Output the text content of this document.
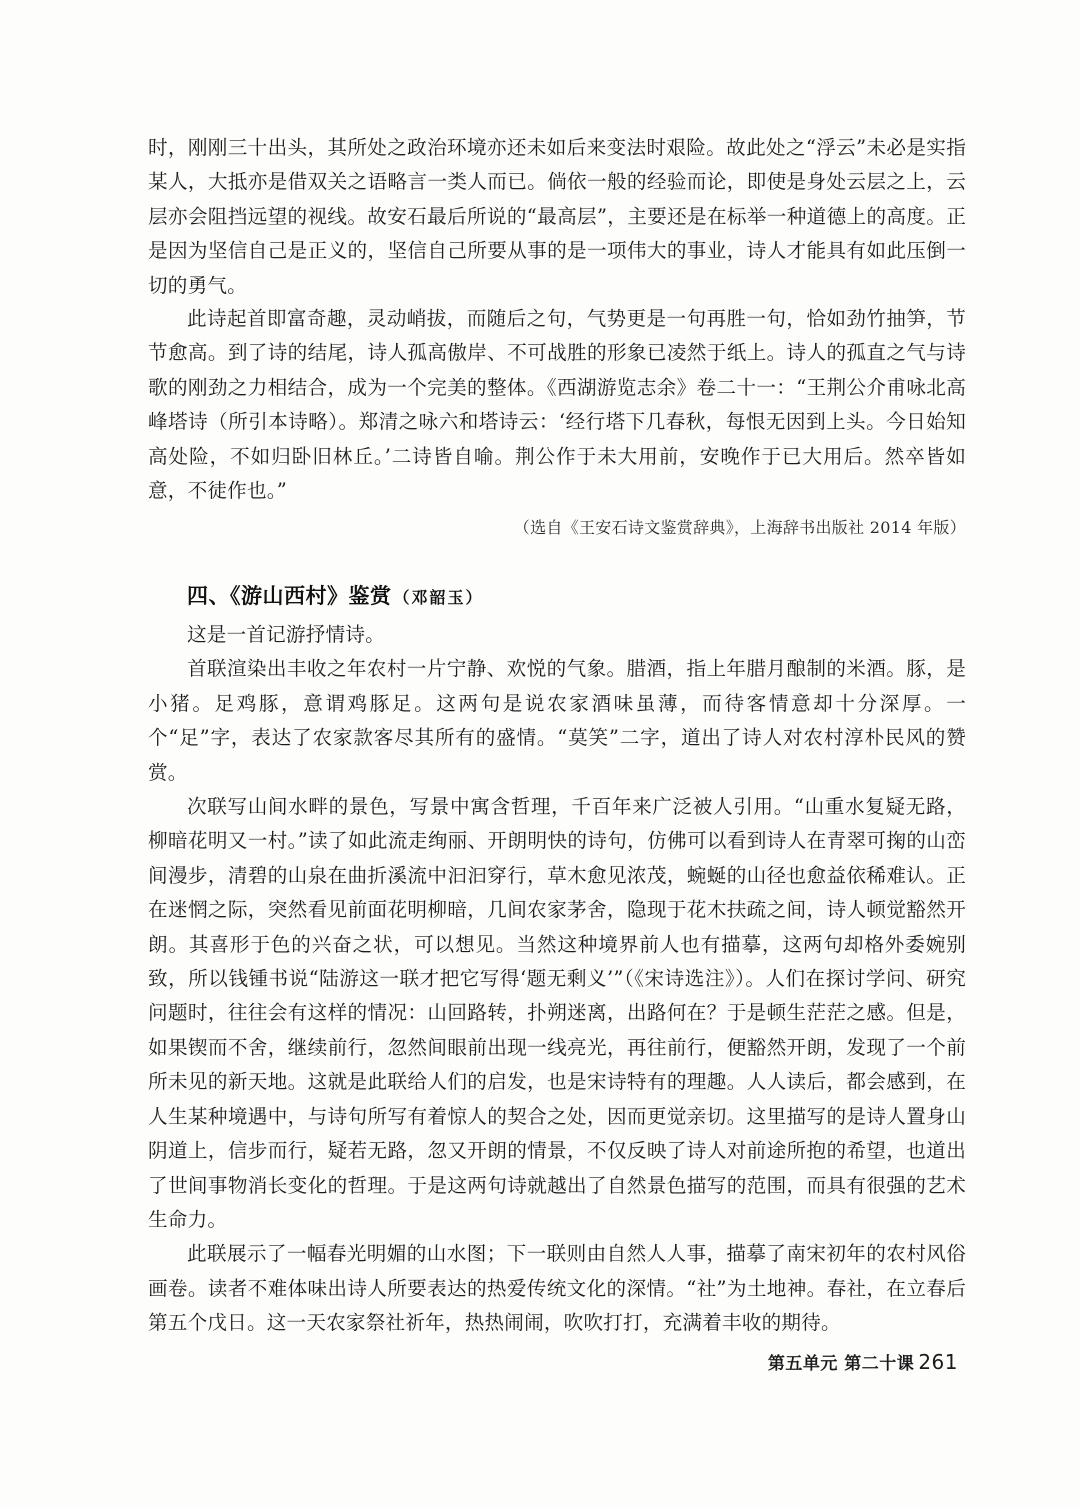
时，刚刚三十出头，其所处之政治环境亦还未如后来变法时艰险。故此处之“浮云”未必是实指某人，大抵亦是借双关之语略言一类人而已。倘依一般的经验而论，即使是身处云层之上，云层亦会阻挡远望的视线。故安石最后所说的“最高层”，主要还是在标举一种道德上的高度。正是因为坚信自己是正义的，坚信自己所要从事的是一项伟大的事业，诗人才能具有如此压倒一切的勇气。

此诗起首即富奇趣，灵动峭拔，而随后之句，气势更是一句再胜一句，恰如劲竹抽笋，节节愈高。到了诗的结尾，诗人孤高傲岸、不可战胜的形象已凌然于纸上。诗人的孤直之气与诗歌的刚劲之力相结合，成为一个完美的整体。《西湖游览志余》卷二十一：“王荆公介甫咏北高峰塔诗（所引本诗略）。郑清之咏六和塔诗云：‘经行塔下几春秋，每恨无因到上头。今日始知高处险，不如归卧旧林丘。’二诗皆自喻。荆公作于未大用前，安晚作于已大用后。然卒皆如意，不徒作也。”

（选自《王安石诗文鉴赏辞典》，上海辞书出版社 2014 年版）

四、《游山西村》鉴赏 （邓韶玉）

这是一首记游抒情诗。

首联渲染出丰收之年农村一片宁静、欢悦的气象。腊酒，指上年腊月酿制的米酒。豚，是小猪。足鸡豚，意谓鸡豚足。这两句是说农家酒味虽薄，而待客情意却十分深厚。一个“足”字，表达了农家款客尽其所有的盛情。“莫笑”二字，道出了诗人对农村淳朴民风的赞赏。

次联写山间水畔的景色，写景中寓含哲理，千百年来广泛被人引用。“山重水复疑无路，柳暗花明又一村。”读了如此流走绚丽、开朗明快的诗句，仿佛可以看到诗人在青翠可掬的山峦间漫步，清碧的山泉在曲折溪流中汩汩穿行，草木愈见浓茂，蜿蜒的山径也愈益依稀难认。正在迷惘之际，突然看见前面花明柳暗，几间农家茅舍，隐现于花木扶疏之间，诗人顿觉豁然开朗。其喜形于色的兴奋之状，可以想见。当然这种境界前人也有描摹，这两句却格外委婉别致，所以钱锺书说“陆游这一联才把它写得‘题无剩义’”（《宋诗选注》）。人们在探讨学问、研究问题时，往往会有这样的情况：山回路转，扑朔迷离，出路何在？于是顿生茫茫之感。但是，如果锲而不舍，继续前行，忽然间眼前出现一线亮光，再往前行，便豁然开朗，发现了一个前所未见的新天地。这就是此联给人们的启发，也是宋诗特有的理趣。人人读后，都会感到，在人生某种境遇中，与诗句所写有着惊人的契合之处，因而更觉亲切。这里描写的是诗人置身山阴道上，信步而行，疑若无路，忽又开朗的情景，不仅反映了诗人对前途所抱的希望，也道出了世间事物消长变化的哲理。于是这两句诗就越出了自然景色描写的范围，而具有很强的艺术生命力。

此联展示了一幅春光明媚的山水图；下一联则由自然人人事，描摹了南宋初年的农村风俗画卷。读者不难体味出诗人所要表达的热爱传统文化的深情。“社”为土地神。春社，在立春后第五个戊日。这一天农家祭社祈年，热热闹闹，吹吹打打，充满着丰收的期待。

第五单元 第二十课 261
